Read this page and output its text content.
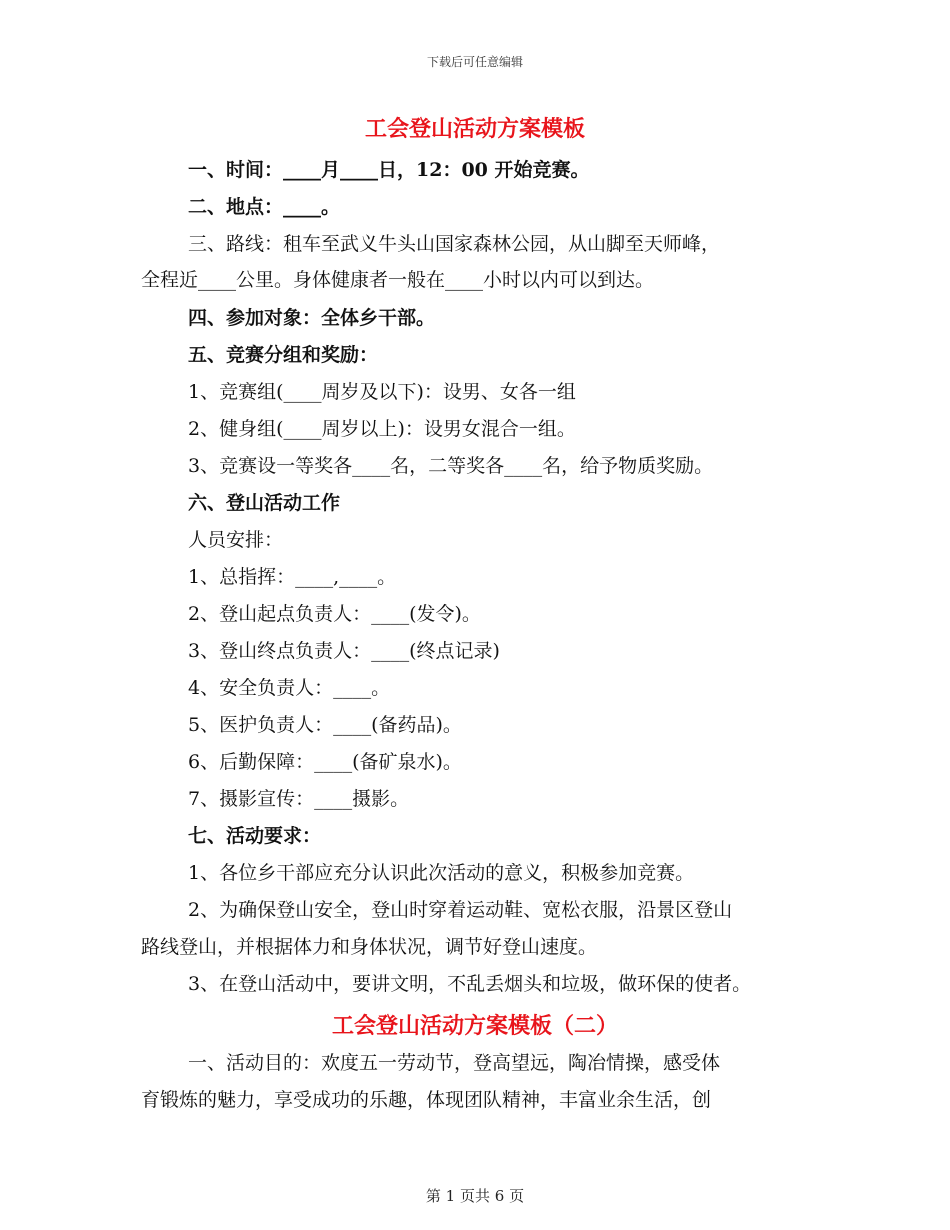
下载后可任意编辑
工会登山活动方案模板
一、时间：____月____日，12：00 开始竞赛。
二、地点：____。
三、路线：租车至武义牛头山国家森林公园，从山脚至天师峰，
全程近____公里。身体健康者一般在____小时以内可以到达。
四、参加对象：全体乡干部。
五、竞赛分组和奖励：
1、竞赛组(____周岁及以下)：设男、女各一组
2、健身组(____周岁以上)：设男女混合一组。
3、竞赛设一等奖各____名，二等奖各____名，给予物质奖励。
六、登山活动工作
人员安排：
1、总指挥：____,____。
2、登山起点负责人：____(发令)。
3、登山终点负责人：____(终点记录)
4、安全负责人：____。
5、医护负责人：____(备药品)。
6、后勤保障：____(备矿泉水)。
7、摄影宣传：____摄影。
七、活动要求：
1、各位乡干部应充分认识此次活动的意义，积极参加竞赛。
2、为确保登山安全，登山时穿着运动鞋、宽松衣服，沿景区登山
路线登山，并根据体力和身体状况，调节好登山速度。
3、在登山活动中，要讲文明，不乱丢烟头和垃圾，做环保的使者。
工会登山活动方案模板（二）
一、活动目的：欢度五一劳动节，登高望远，陶冶情操，感受体
育锻炼的魅力，享受成功的乐趣，体现团队精神，丰富业余生活，创
第 1 页共 6 页
